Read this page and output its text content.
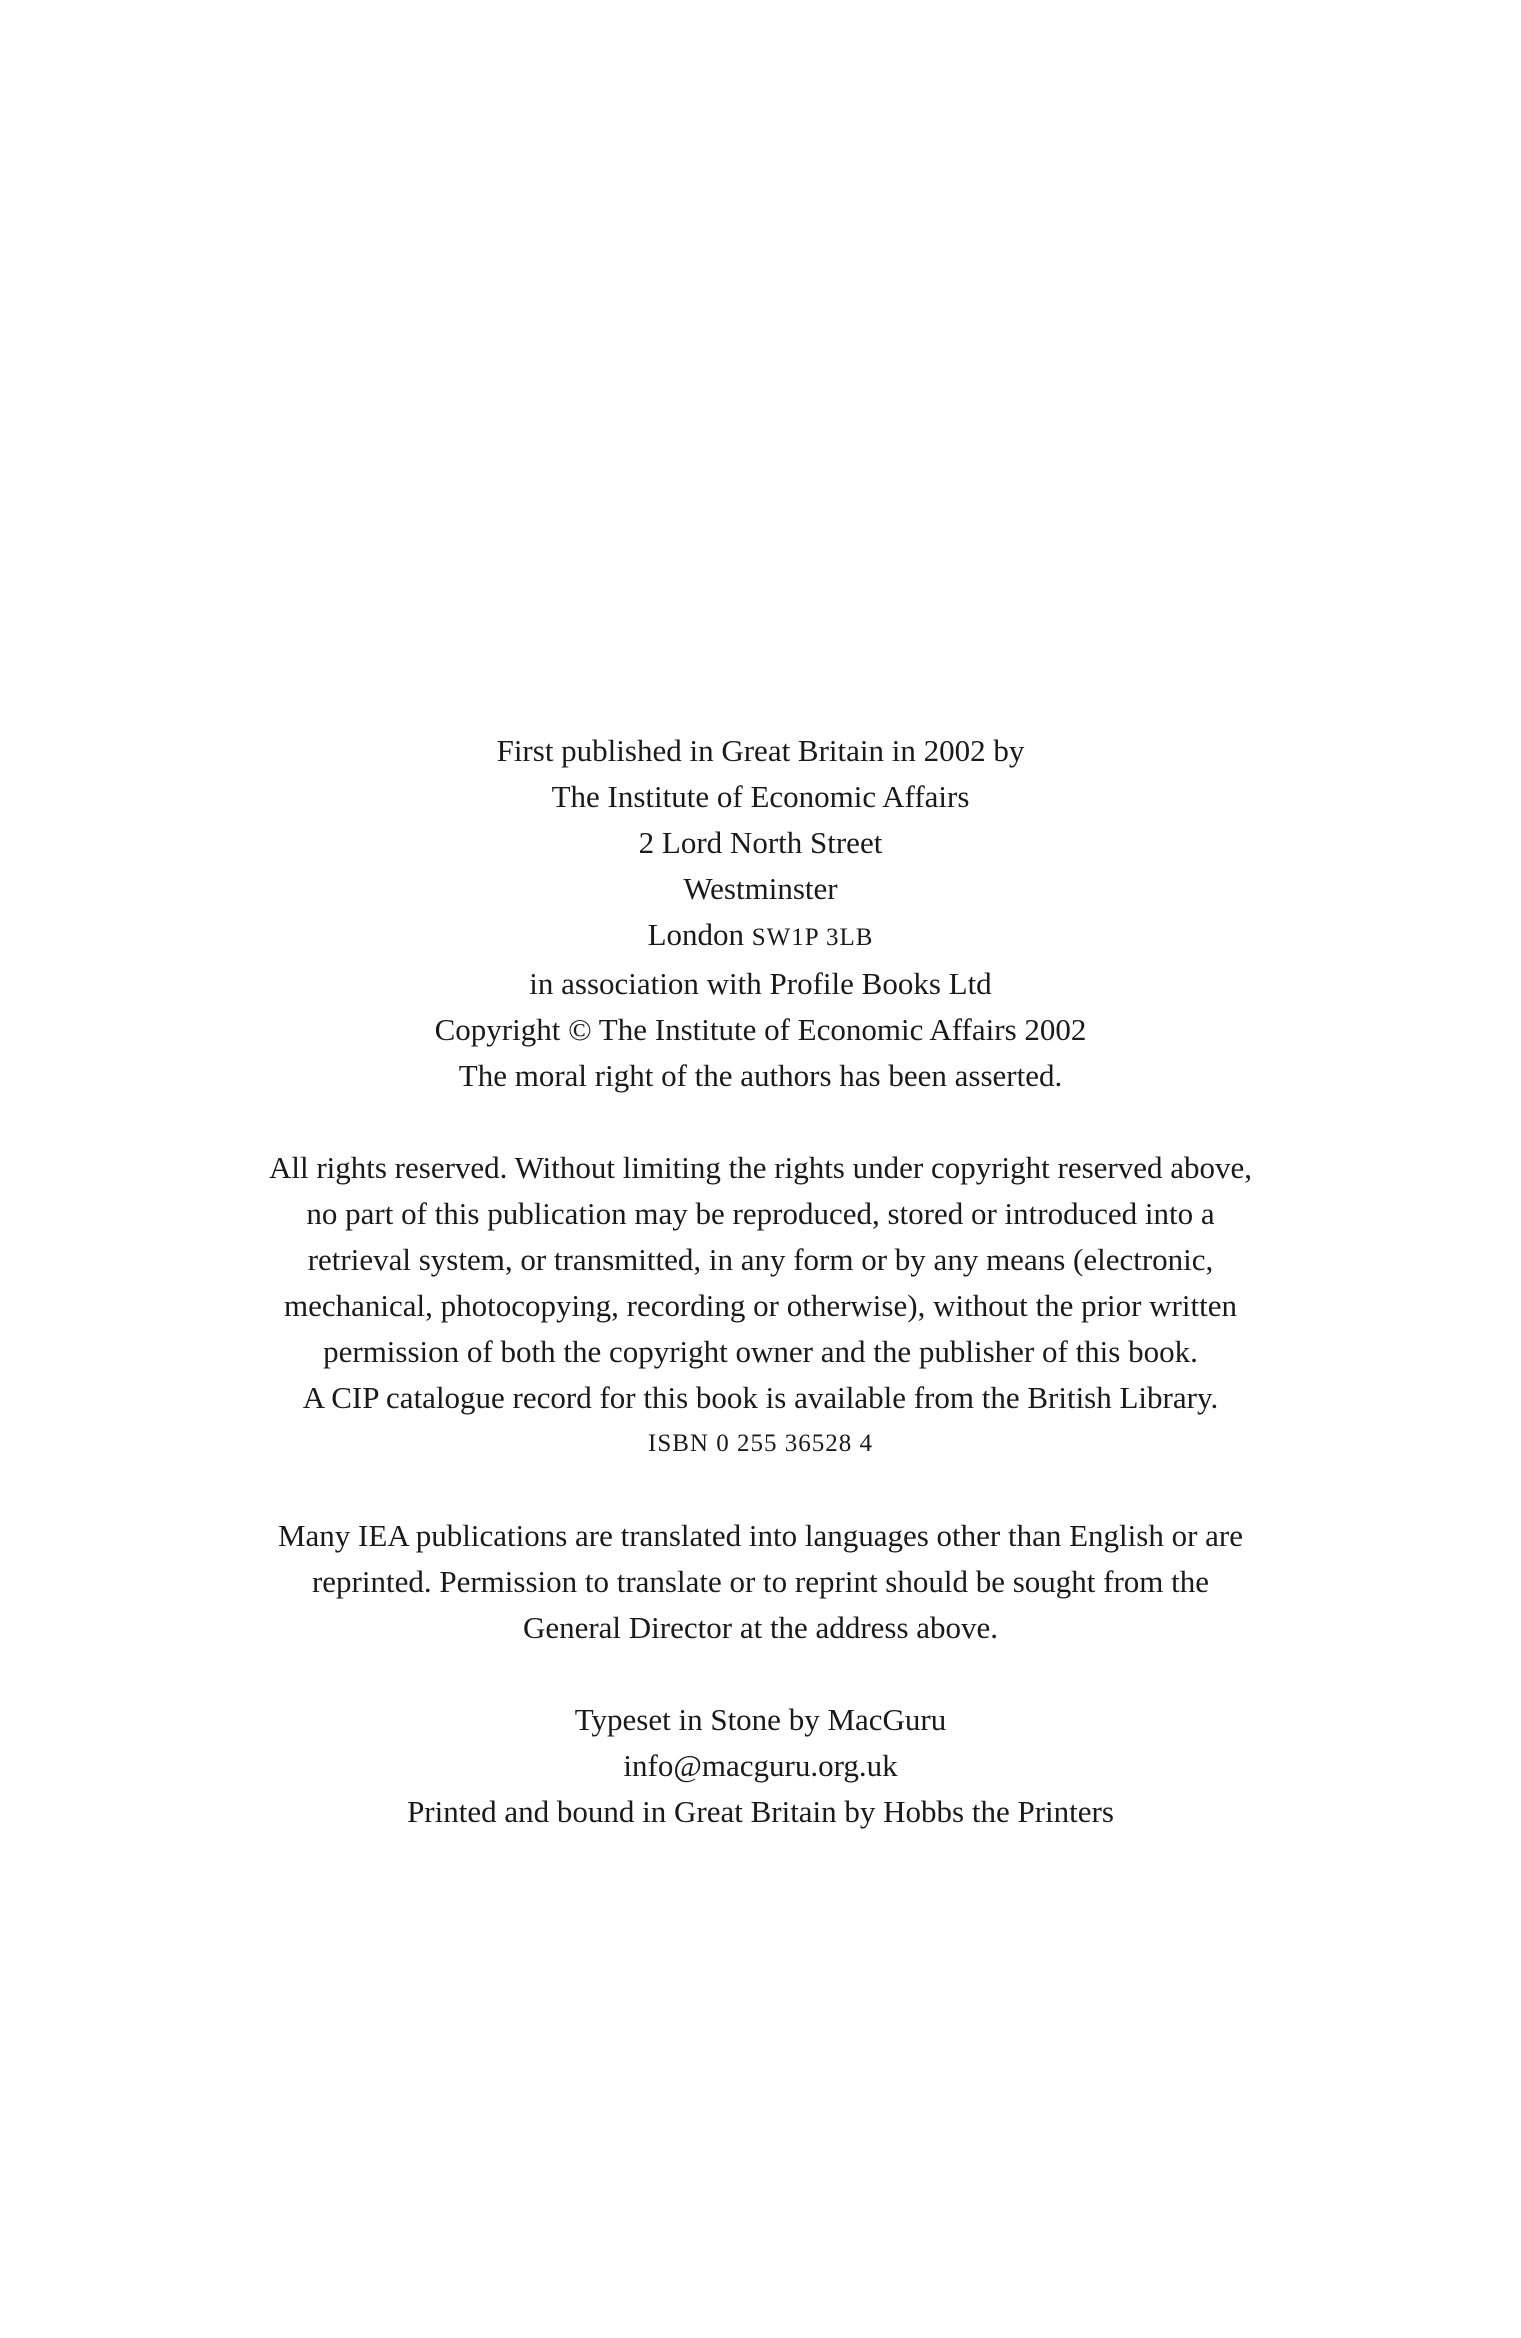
First published in Great Britain in 2002 by
The Institute of Economic Affairs
2 Lord North Street
Westminster
London SW1P 3LB
in association with Profile Books Ltd

Copyright © The Institute of Economic Affairs 2002

The moral right of the authors has been asserted.

All rights reserved. Without limiting the rights under copyright reserved above,
no part of this publication may be reproduced, stored or introduced into a
retrieval system, or transmitted, in any form or by any means (electronic,
mechanical, photocopying, recording or otherwise), without the prior written
permission of both the copyright owner and the publisher of this book.

A CIP catalogue record for this book is available from the British Library.

ISBN 0 255 36528 4

Many IEA publications are translated into languages other than English or are
reprinted. Permission to translate or to reprint should be sought from the
General Director at the address above.
Typeset in Stone by MacGuru
info@macguru.org.uk

Printed and bound in Great Britain by Hobbs the Printers
